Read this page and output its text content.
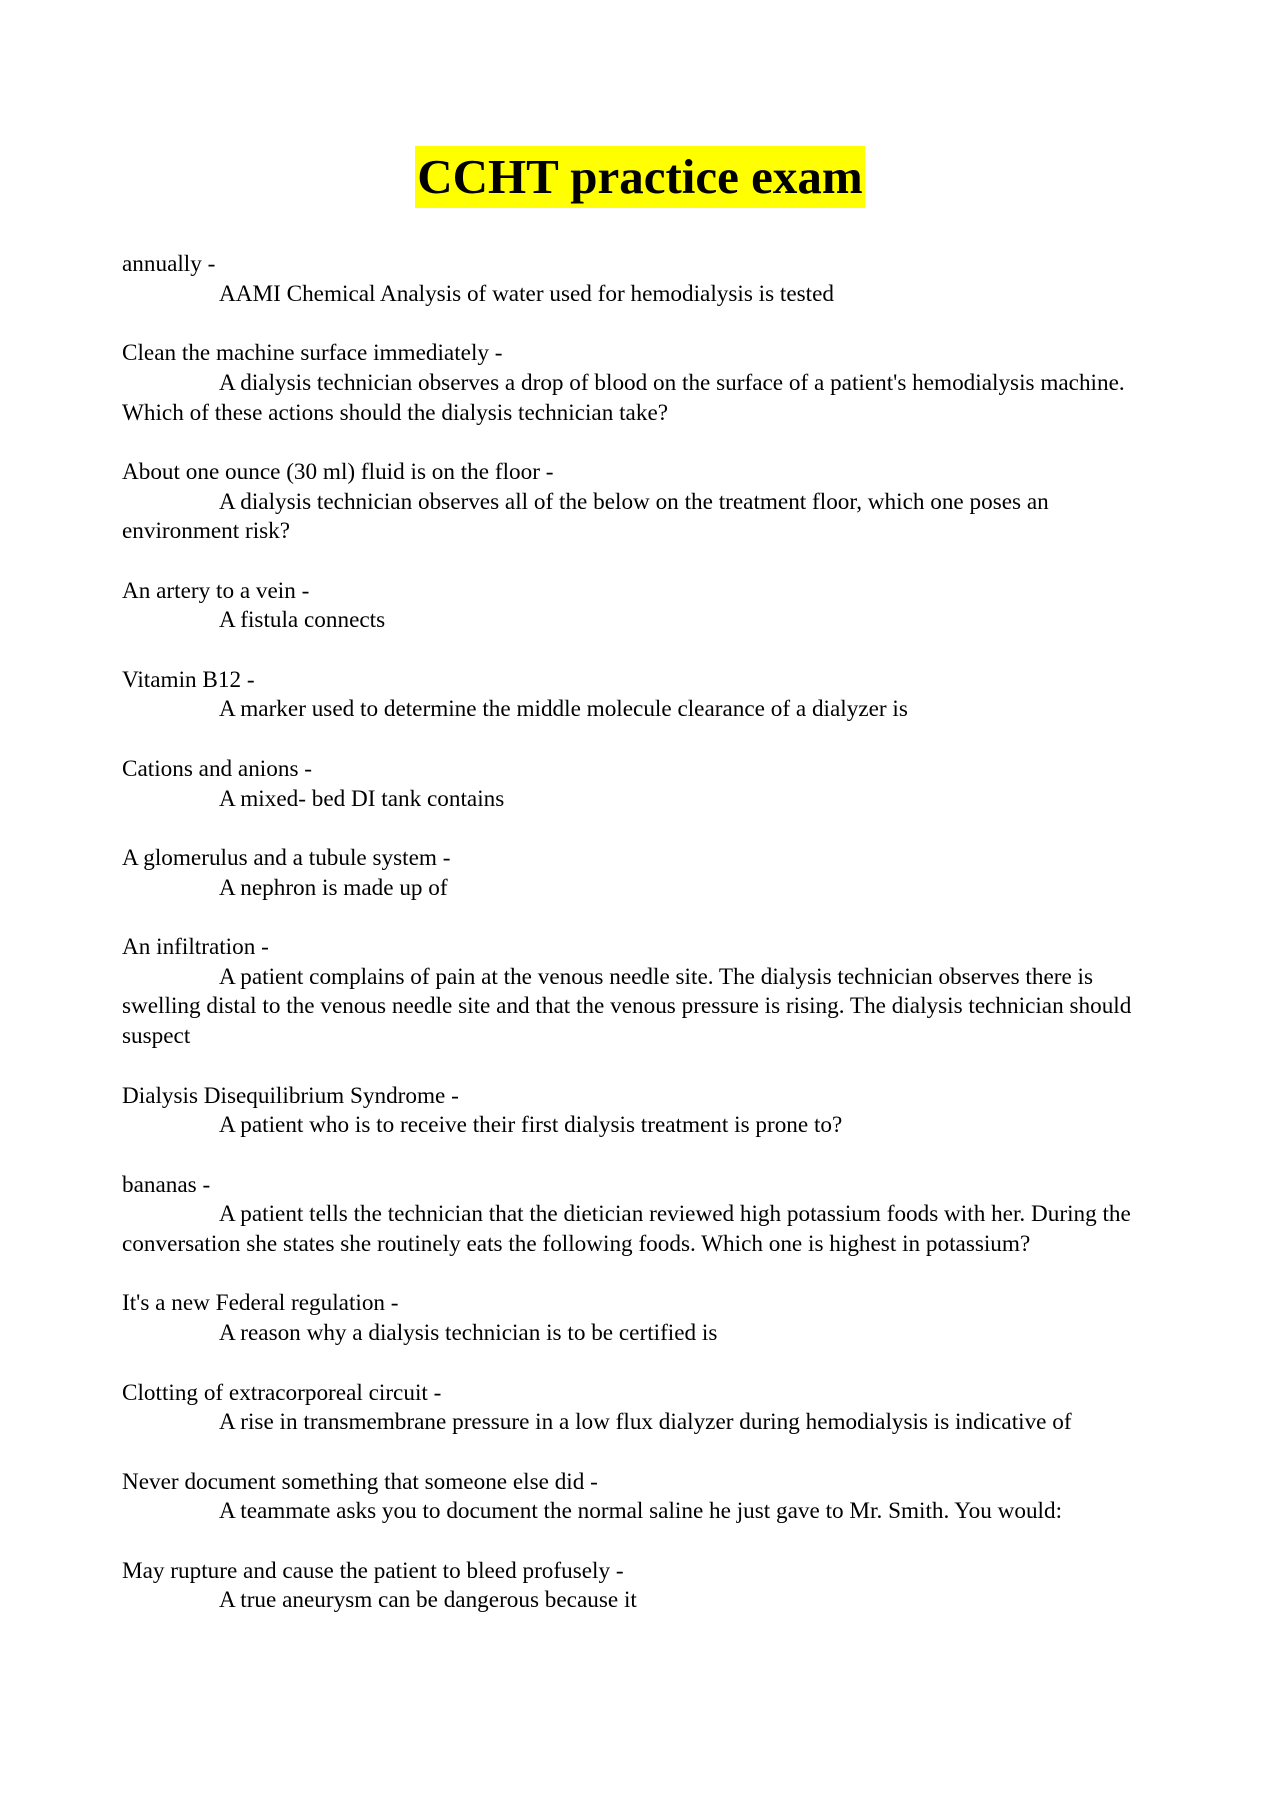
CCHT practice exam

annually -

AAMI Chemical Analysis of water used for hemodialysis is tested

Clean the machine surface immediately -

A dialysis technician observes a drop of blood on the surface of a patient's hemodialysis machine. Which of these actions should the dialysis technician take?

About one ounce (30 ml) fluid is on the floor -

A dialysis technician observes all of the below on the treatment floor, which one poses an environment risk?

An artery to a vein -

A fistula connects

Vitamin B12 -

A marker used to determine the middle molecule clearance of a dialyzer is

Cations and anions -

A mixed- bed DI tank contains

A glomerulus and a tubule system -

A nephron is made up of

An infiltration -

A patient complains of pain at the venous needle site. The dialysis technician observes there is swelling distal to the venous needle site and that the venous pressure is rising. The dialysis technician should suspect

Dialysis Disequilibrium Syndrome -

A patient who is to receive their first dialysis treatment is prone to?

bananas -

A patient tells the technician that the dietician reviewed high potassium foods with her. During the conversation she states she routinely eats the following foods. Which one is highest in potassium?

It's a new Federal regulation -

A reason why a dialysis technician is to be certified is

Clotting of extracorporeal circuit -

A rise in transmembrane pressure in a low flux dialyzer during hemodialysis is indicative of

Never document something that someone else did -

A teammate asks you to document the normal saline he just gave to Mr. Smith. You would:

May rupture and cause the patient to bleed profusely -

A true aneurysm can be dangerous because it
